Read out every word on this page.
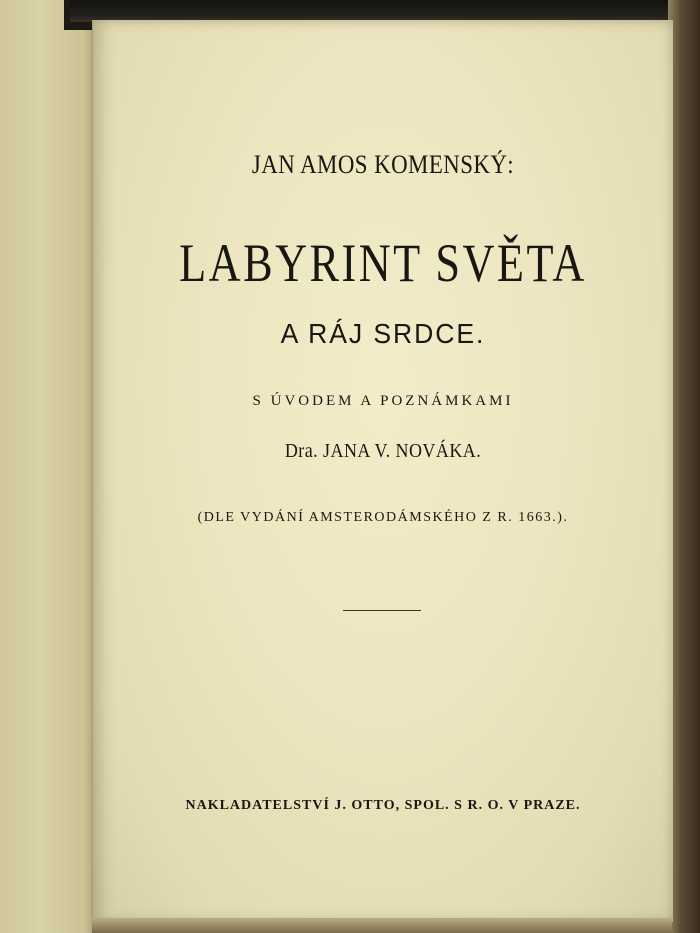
JAN AMOS KOMENSKÝ:
LABYRINT SVĚTA
A RÁJ SRDCE.
S ÚVODEM A POZNÁMKAMI
Dra. JANA V. NOVÁKA.
(DLE VYDÁNÍ AMSTERODÁMSKÉHO Z R. 1663.).
NAKLADATELSTVÍ J. OTTO, SPOL. S R. O. V PRAZE.
